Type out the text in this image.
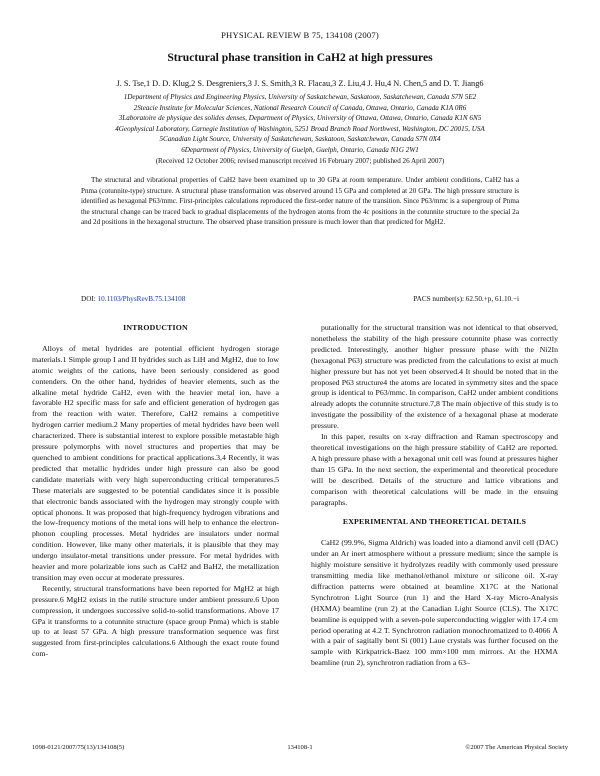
PHYSICAL REVIEW B 75, 134108 (2007)
Structural phase transition in CaH2 at high pressures
J. S. Tse,1 D. D. Klug,2 S. Desgreniers,3 J. S. Smith,3 R. Flacau,3 Z. Liu,4 J. Hu,4 N. Chen,5 and D. T. Jiang6
1Department of Physics and Engineering Physics, University of Saskatchewan, Saskatoon, Saskatchewan, Canada S7N 5E2
2Steacie Institute for Molecular Sciences, National Research Council of Canada, Ottawa, Ontario, Canada K1A 0R6
3Laboratoire de physique des solides denses, Department of Physics, University of Ottawa, Ottawa, Ontario, Canada K1N 6N5
4Geophysical Laboratory, Carnegie Institution of Washington, 5251 Broad Branch Road Northwest, Washington, DC 20015, USA
5Canadian Light Source, University of Saskatchewan, Saskatoon, Saskatchewan, Canada S7N 0X4
6Department of Physics, University of Guelph, Guelph, Ontario, Canada N1G 2W1
(Received 12 October 2006; revised manuscript received 16 February 2007; published 26 April 2007)

The structural and vibrational properties of CaH2 have been examined up to 30 GPa at room temperature. Under ambient conditions, CaH2 has a Pnma (cotunnite-type) structure. A structural phase transformation was observed around 15 GPa and completed at 20 GPa. The high pressure structure is identified as hexagonal P63/mmc. First-principles calculations reproduced the first-order nature of the transition. Since P63/mmc is a supergroup of Pnma the structural change can be traced back to gradual displacements of the hydrogen atoms from the 4c positions in the cotunnite structure to the special 2a and 2d positions in the hexagonal structure. The observed phase transition pressure is much lower than that predicted for MgH2.

DOI: 10.1103/PhysRevB.75.134108	PACS number(s): 62.50.+p, 61.10.−i
INTRODUCTION

Alloys of metal hydrides are potential efficient hydrogen storage materials.1 Simple group I and II hydrides such as LiH and MgH2, due to low atomic weights of the cations, have been seriously considered as good contenders. On the other hand, hydrides of heavier elements, such as the alkaline metal hydride CaH2, even with the heavier metal ion, have a favorable H2 specific mass for safe and efficient generation of hydrogen gas from the reaction with water. Therefore, CaH2 remains a competitive hydrogen carrier medium.2 Many properties of metal hydrides have been well characterized. There is substantial interest to explore possible metastable high pressure polymorphs with novel structures and properties that may be quenched to ambient conditions for practical applications.3,4 Recently, it was predicted that metallic hydrides under high pressure can also be good candidate materials with very high superconducting critical temperatures.5 These materials are suggested to be potential candidates since it is possible that electronic bands associated with the hydrogen may strongly couple with optical phonons. It was proposed that high-frequency hydrogen vibrations and the low-frequency motions of the metal ions will help to enhance the electron-phonon coupling processes. Metal hydrides are insulators under normal condition. However, like many other materials, it is plausible that they may undergo insulator-metal transitions under pressure. For metal hydrides with heavier and more polarizable ions such as CaH2 and BaH2, the metallization transition may even occur at moderate pressures.

Recently, structural transformations have been reported for MgH2 at high pressure.6 MgH2 exists in the rutile structure under ambient pressure.6 Upon compression, it undergoes successive solid-to-solid transformations. Above 17 GPa it transforms to a cotunnite structure (space group Pnma) which is stable up to at least 57 GPa. A high pressure transformation sequence was first suggested from first-principles calculations.6 Although the exact route found com-

putationally for the structural transition was not identical to that observed, nonetheless the stability of the high pressure cotunnite phase was correctly predicted. Interestingly, another higher pressure phase with the Ni2In (hexagonal P63) structure was predicted from the calculations to exist at much higher pressure but has not yet been observed.4 It should be noted that in the proposed P63 structure4 the atoms are located in symmetry sites and the space group is identical to P63/mmc. In comparison, CaH2 under ambient conditions already adopts the cotunnite structure.7,8 The main objective of this study is to investigate the possibility of the existence of a hexagonal phase at moderate pressure.

In this paper, results on x-ray diffraction and Raman spectroscopy and theoretical investigations on the high pressure stability of CaH2 are reported. A high pressure phase with a hexagonal unit cell was found at pressures higher than 15 GPa. In the next section, the experimental and theoretical procedure will be described. Details of the structure and lattice vibrations and comparison with theoretical calculations will be made in the ensuing paragraphs.

EXPERIMENTAL AND THEORETICAL DETAILS

CaH2 (99.9%, Sigma Aldrich) was loaded into a diamond anvil cell (DAC) under an Ar inert atmosphere without a pressure medium; since the sample is highly moisture sensitive it hydrolyzes readily with commonly used pressure transmitting media like methanol/ethanol mixture or silicone oil. X-ray diffraction patterns were obtained at beamline X17C at the National Synchrotron Light Source (run 1) and the Hard X-ray Micro-Analysis (HXMA) beamline (run 2) at the Canadian Light Source (CLS). The X17C beamline is equipped with a seven-pole superconducting wiggler with 17.4 cm period operating at 4.2 T. Synchrotron radiation monochromatized to 0.4066 Å with a pair of sagitally bent Si (001) Laue crystals was further focused on the sample with Kirkpatrick-Baez 100 mm×100 mm mirrors. At the HXMA beamline (run 2), synchrotron radiation from a 63–

1098-0121/2007/75(13)/134108(5)	134108-1	©2007 The American Physical Society
